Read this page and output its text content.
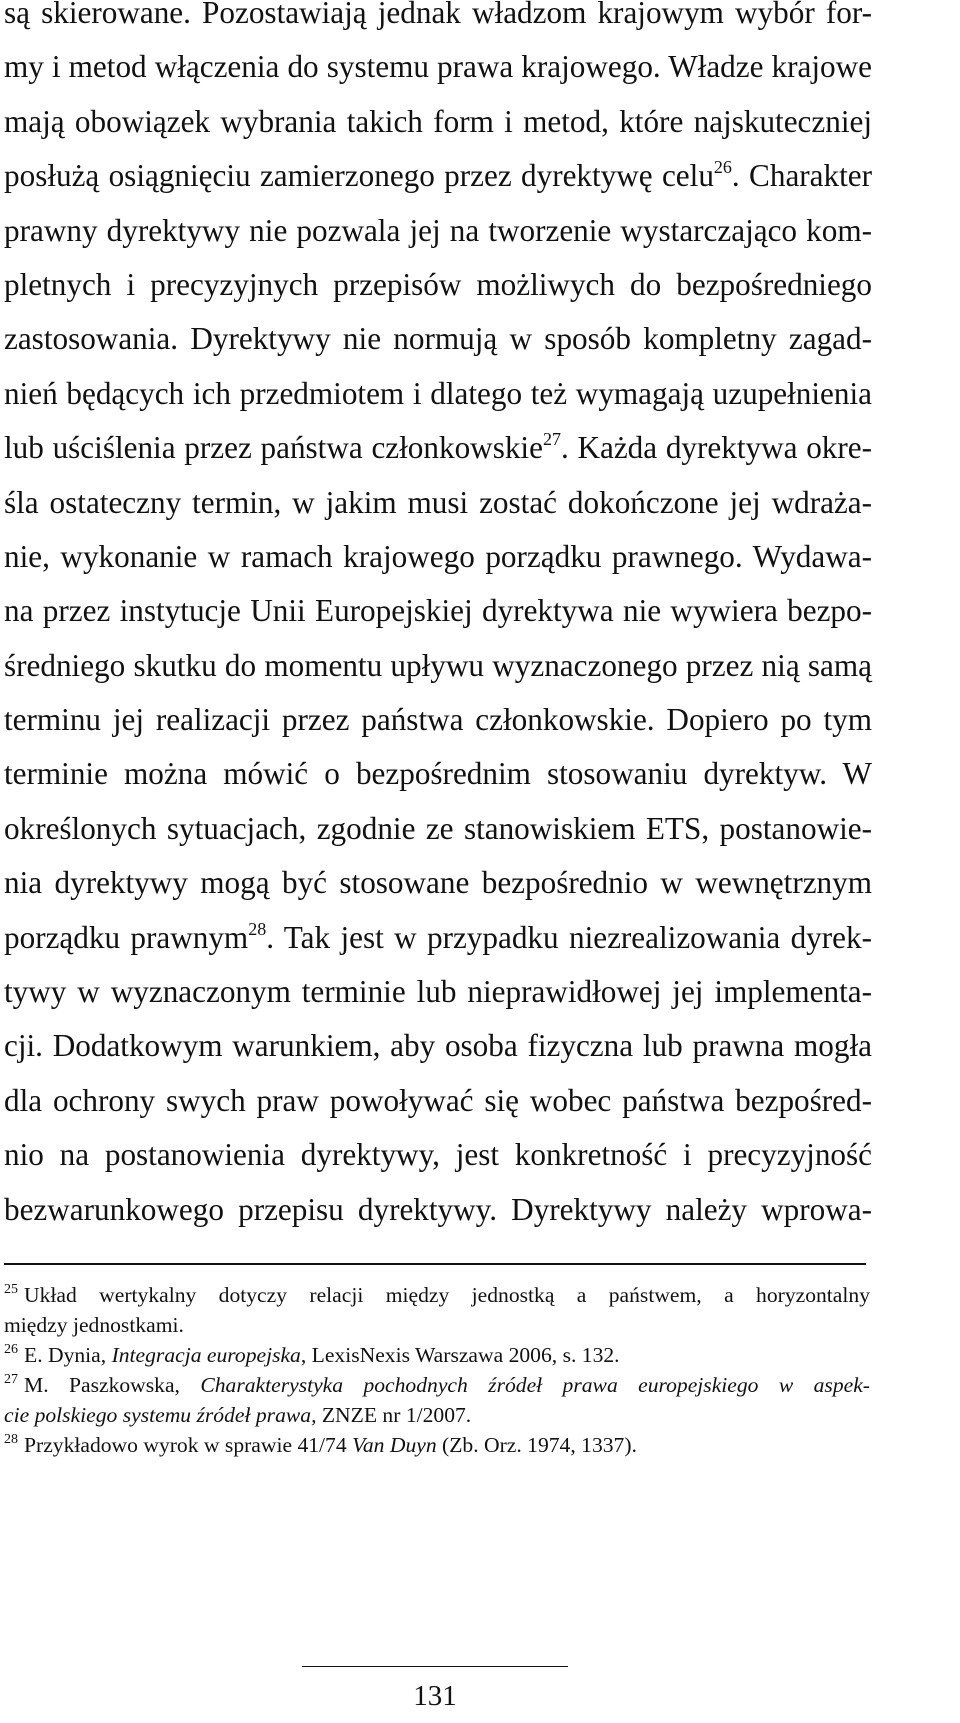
są skierowane. Pozostawiają jednak władzom krajowym wybór for-
my i metod włączenia do systemu prawa krajowego. Władze krajowe
mają obowiązek wybrania takich form i metod, które najskuteczniej
posłużą osiągnięciu zamierzonego przez dyrektywę celu$^{26}$. Charakter
prawny dyrektywy nie pozwala jej na tworzenie wystarczająco kom-
pletnych i precyzyjnych przepisów możliwych do bezpośredniego
zastosowania. Dyrektywy nie normują w sposób kompletny zagad-
nień będących ich przedmiotem i dlatego też wymagają uzupełnienia
lub uściślenia przez państwa członkowskie$^{27}$. Każda dyrektywa okre-
śla ostateczny termin, w jakim musi zostać dokończone jej wdraża-
nie, wykonanie w ramach krajowego porządku prawnego. Wydawa-
na przez instytucje Unii Europejskiej dyrektywa nie wywiera bezpo-
średniego skutku do momentu upływu wyznaczonego przez nią samą
terminu jej realizacji przez państwa członkowskie. Dopiero po tym
terminie można mówić o bezpośrednim stosowaniu dyrektyw. W
określonych sytuacjach, zgodnie ze stanowiskiem ETS, postanowie-
nia dyrektywy mogą być stosowane bezpośrednio w wewnętrznym
porządku prawnym$^{28}$. Tak jest w przypadku niezrealizowania dyrek-
tywy w wyznaczonym terminie lub nieprawidłowej jej implementa-
cji. Dodatkowym warunkiem, aby osoba fizyczna lub prawna mogła
dla ochrony swych praw powoływać się wobec państwa bezpośred-
nio na postanowienia dyrektywy, jest konkretność i precyzyjność
bezwarunkowego przepisu dyrektywy. Dyrektywy należy wprowa-
$^{25}$ Układ wertykalny dotyczy relacji między jednostką a państwem, a horyzontalny
między jednostkami.
$^{26}$ E. Dynia, Integracja europejska, LexisNexis Warszawa 2006, s. 132.
$^{27}$ M. Paszkowska, Charakterystyka pochodnych źródeł prawa europejskiego w aspek-
cie polskiego systemu źródeł prawa, ZNZE nr 1/2007.
$^{28}$ Przykładowo wyrok w sprawie 41/74 Van Duyn (Zb. Orz. 1974, 1337).
131
